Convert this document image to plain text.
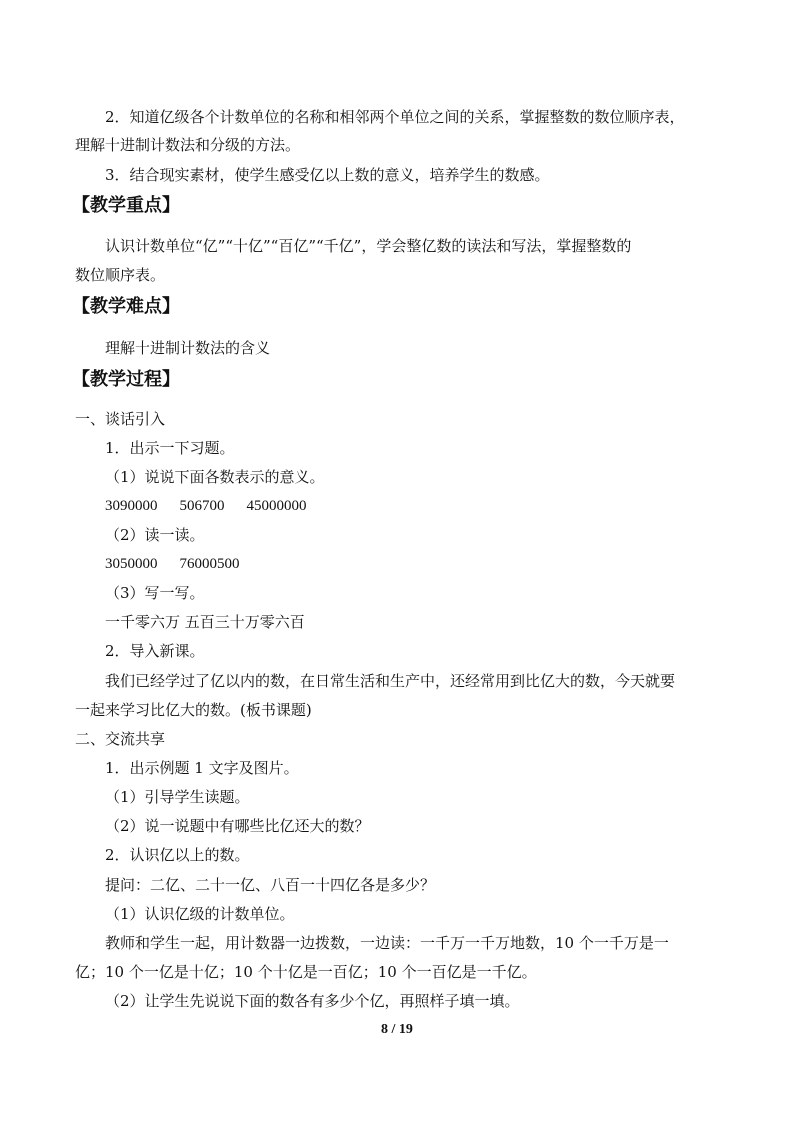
2．知道亿级各个计数单位的名称和相邻两个单位之间的关系，掌握整数的数位顺序表，
理解十进制计数法和分级的方法。
3．结合现实素材，使学生感受亿以上数的意义，培养学生的数感。
【教学重点】
认识计数单位“亿”“十亿”“百亿”“千亿”，学会整亿数的读法和写法，掌握整数的
数位顺序表。
【教学难点】
理解十进制计数法的含义
【教学过程】
一、谈话引入
1．出示一下习题。
（1）说说下面各数表示的意义。
3090000 506700 45000000
（2）读一读。
3050000 76000500
（3）写一写。
一千零六万 五百三十万零六百
2．导入新课。
我们已经学过了亿以内的数，在日常生活和生产中，还经常用到比亿大的数，今天就要
一起来学习比亿大的数。(板书课题)
二、交流共享
1．出示例题 1 文字及图片。
（1）引导学生读题。
（2）说一说题中有哪些比亿还大的数？
2．认识亿以上的数。
提问：二亿、二十一亿、八百一十四亿各是多少？
（1）认识亿级的计数单位。
教师和学生一起，用计数器一边拨数，一边读：一千万一千万地数，10 个一千万是一
亿；10 个一亿是十亿；10 个十亿是一百亿；10 个一百亿是一千亿。
（2）让学生先说说下面的数各有多少个亿，再照样子填一填。
8 / 19
